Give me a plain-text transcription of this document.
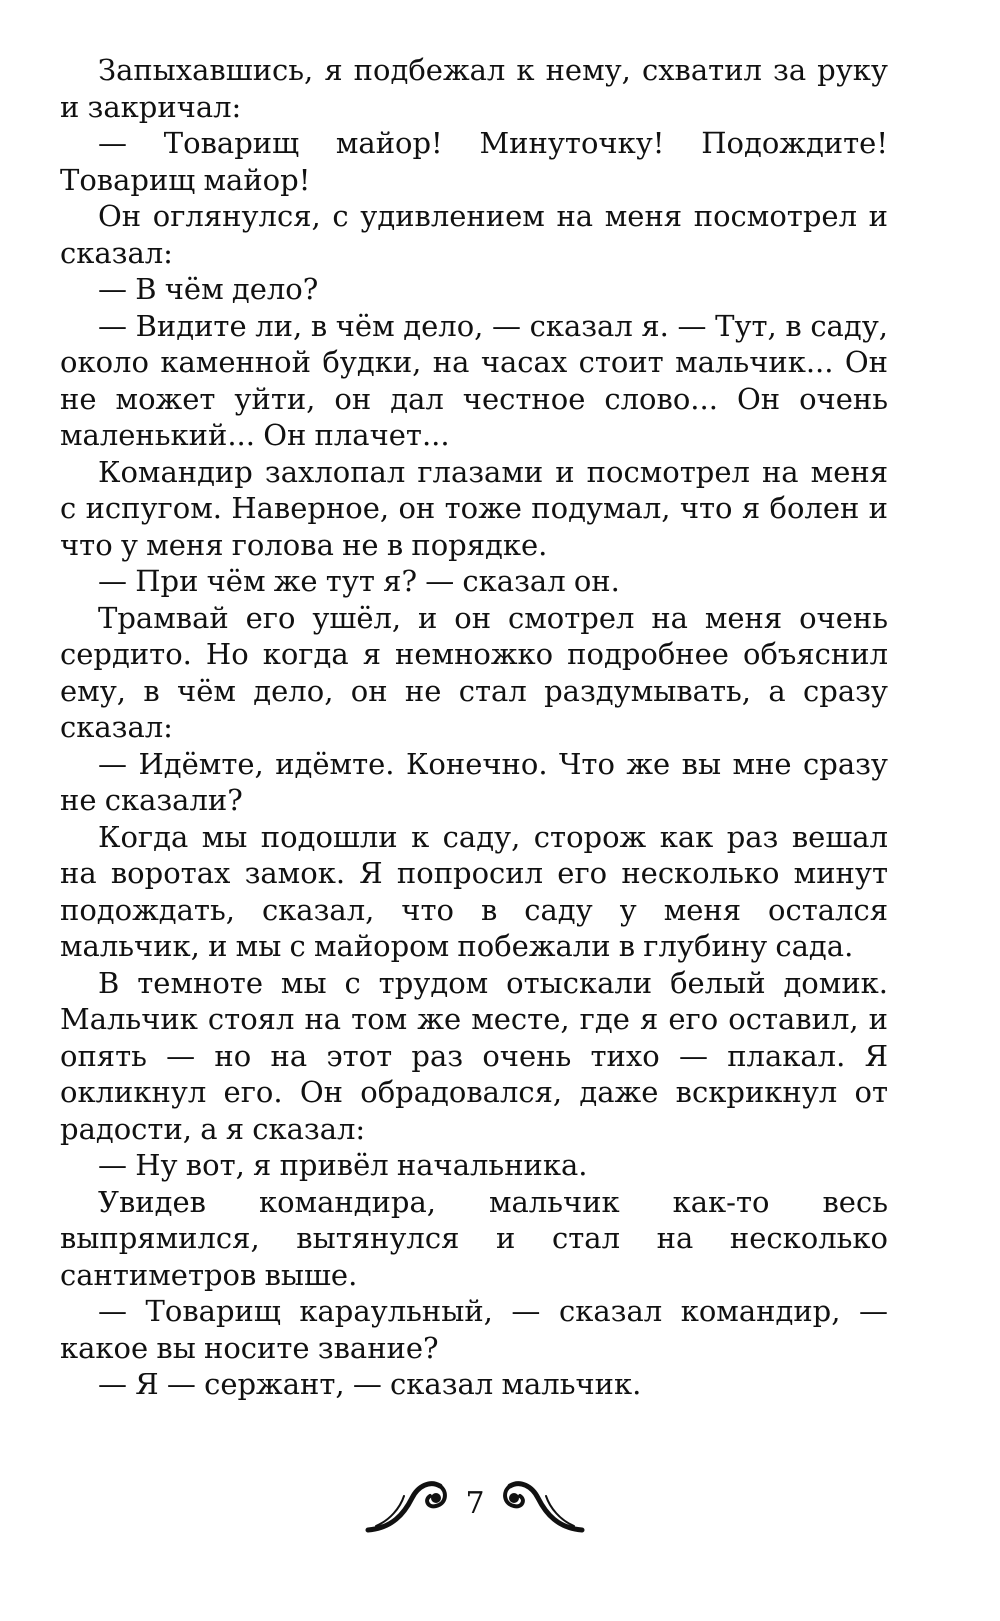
Запыхавшись, я подбежал к нему, схватил за руку и закричал:

— Товарищ майор! Минуточку! Подождите! Товарищ майор!

Он оглянулся, с удивлением на меня посмотрел и сказал:

— В чём дело?

— Видите ли, в чём дело, — сказал я. — Тут, в саду, около каменной будки, на часах стоит мальчик... Он не может уйти, он дал честное слово... Он очень маленький... Он плачет...

Командир захлопал глазами и посмотрел на меня с испугом. Наверное, он тоже подумал, что я болен и что у меня голова не в порядке.

— При чём же тут я? — сказал он.

Трамвай его ушёл, и он смотрел на меня очень сердито. Но когда я немножко подробнее объяснил ему, в чём дело, он не стал раздумывать, а сразу сказал:

— Идёмте, идёмте. Конечно. Что же вы мне сразу не сказали?

Когда мы подошли к саду, сторож как раз вешал на воротах замок. Я попросил его несколько минут подождать, сказал, что в саду у меня остался мальчик, и мы с майором побежали в глубину сада.

В темноте мы с трудом отыскали белый домик. Мальчик стоял на том же месте, где я его оставил, и опять — но на этот раз очень тихо — плакал. Я окликнул его. Он обрадовался, даже вскрикнул от радости, а я сказал:

— Ну вот, я привёл начальника.

Увидев командира, мальчик как-то весь выпрямился, вытянулся и стал на несколько сантиметров выше.

— Товарищ караульный, — сказал командир, — какое вы носите звание?

— Я — сержант, — сказал мальчик.

7
